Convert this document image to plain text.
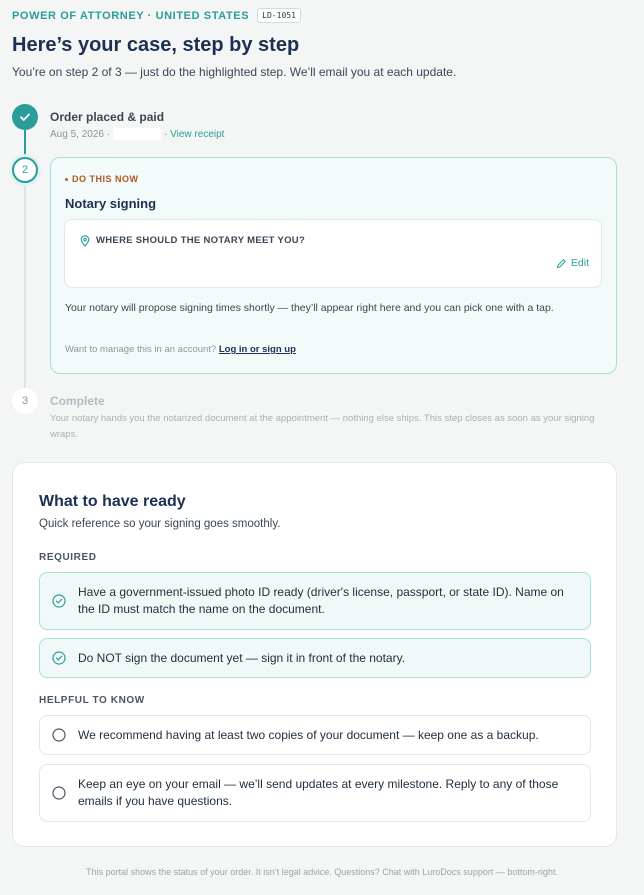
POWER OF ATTORNEY · UNITED STATES	LD-1051
Here’s your case, step by step
You’re on step 2 of 3 — just do the highlighted step. We’ll email you at each update.
Order placed & paid
Aug 5, 2026 ·	· View receipt
2
DO THIS NOW
Notary signing
WHERE SHOULD THE NOTARY MEET YOU?
Edit
Your notary will propose signing times shortly — they’ll appear right here and you can pick one with a tap.
Want to manage this in an account? Log in or sign up
3 Complete
Your notary hands you the notarized document at the appointment — nothing else ships. This step closes as soon as your signing wraps.
What to have ready
Quick reference so your signing goes smoothly.
REQUIRED
Have a government-issued photo ID ready (driver's license, passport, or state ID). Name on the ID must match the name on the document.
Do NOT sign the document yet — sign it in front of the notary.
HELPFUL TO KNOW
We recommend having at least two copies of your document — keep one as a backup.
Keep an eye on your email — we’ll send updates at every milestone. Reply to any of those emails if you have questions.
This portal shows the status of your order. It isn’t legal advice. Questions? Chat with LuroDocs support — bottom-right.
